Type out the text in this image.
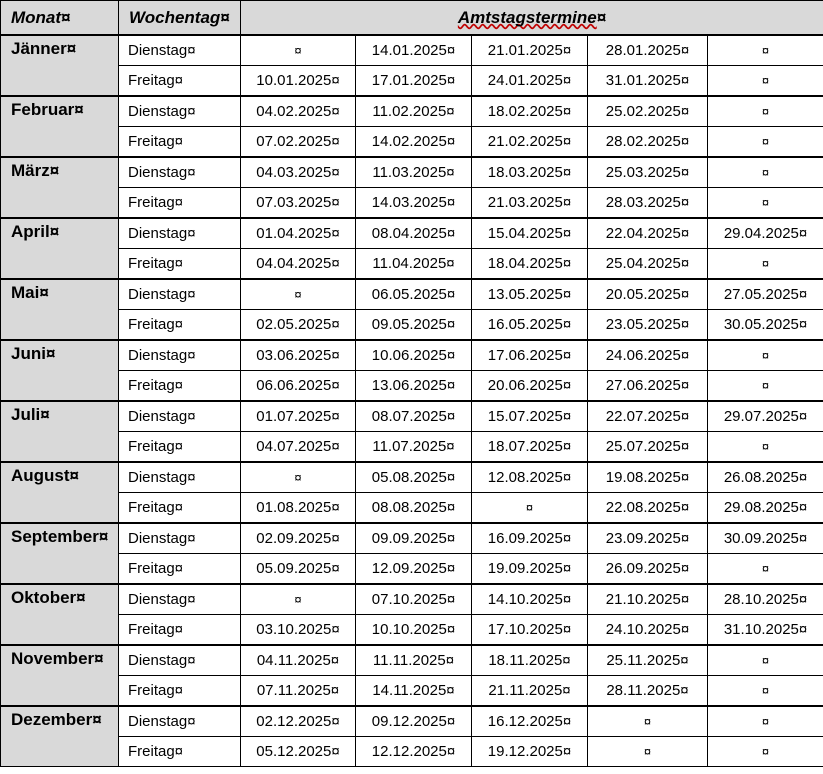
Monat¤	Wochentag¤	Amtstagstermine¤				
Jänner¤	Dienstag¤	¤	14.01.2025¤	21.01.2025¤	28.01.2025¤	¤
	Freitag¤	10.01.2025¤	17.01.2025¤	24.01.2025¤	31.01.2025¤	¤
Februar¤	Dienstag¤	04.02.2025¤	11.02.2025¤	18.02.2025¤	25.02.2025¤	¤
	Freitag¤	07.02.2025¤	14.02.2025¤	21.02.2025¤	28.02.2025¤	¤
März¤	Dienstag¤	04.03.2025¤	11.03.2025¤	18.03.2025¤	25.03.2025¤	¤
	Freitag¤	07.03.2025¤	14.03.2025¤	21.03.2025¤	28.03.2025¤	¤
April¤	Dienstag¤	01.04.2025¤	08.04.2025¤	15.04.2025¤	22.04.2025¤	29.04.2025¤
	Freitag¤	04.04.2025¤	11.04.2025¤	18.04.2025¤	25.04.2025¤	¤
Mai¤	Dienstag¤	¤	06.05.2025¤	13.05.2025¤	20.05.2025¤	27.05.2025¤
	Freitag¤	02.05.2025¤	09.05.2025¤	16.05.2025¤	23.05.2025¤	30.05.2025¤
Juni¤	Dienstag¤	03.06.2025¤	10.06.2025¤	17.06.2025¤	24.06.2025¤	¤
	Freitag¤	06.06.2025¤	13.06.2025¤	20.06.2025¤	27.06.2025¤	¤
Juli¤	Dienstag¤	01.07.2025¤	08.07.2025¤	15.07.2025¤	22.07.2025¤	29.07.2025¤
	Freitag¤	04.07.2025¤	11.07.2025¤	18.07.2025¤	25.07.2025¤	¤
August¤	Dienstag¤	¤	05.08.2025¤	12.08.2025¤	19.08.2025¤	26.08.2025¤
	Freitag¤	01.08.2025¤	08.08.2025¤	¤	22.08.2025¤	29.08.2025¤
September¤	Dienstag¤	02.09.2025¤	09.09.2025¤	16.09.2025¤	23.09.2025¤	30.09.2025¤
	Freitag¤	05.09.2025¤	12.09.2025¤	19.09.2025¤	26.09.2025¤	¤
Oktober¤	Dienstag¤	¤	07.10.2025¤	14.10.2025¤	21.10.2025¤	28.10.2025¤
	Freitag¤	03.10.2025¤	10.10.2025¤	17.10.2025¤	24.10.2025¤	31.10.2025¤
November¤	Dienstag¤	04.11.2025¤	11.11.2025¤	18.11.2025¤	25.11.2025¤	¤
	Freitag¤	07.11.2025¤	14.11.2025¤	21.11.2025¤	28.11.2025¤	¤
Dezember¤	Dienstag¤	02.12.2025¤	09.12.2025¤	16.12.2025¤	¤	¤
	Freitag¤	05.12.2025¤	12.12.2025¤	19.12.2025¤	¤	¤
